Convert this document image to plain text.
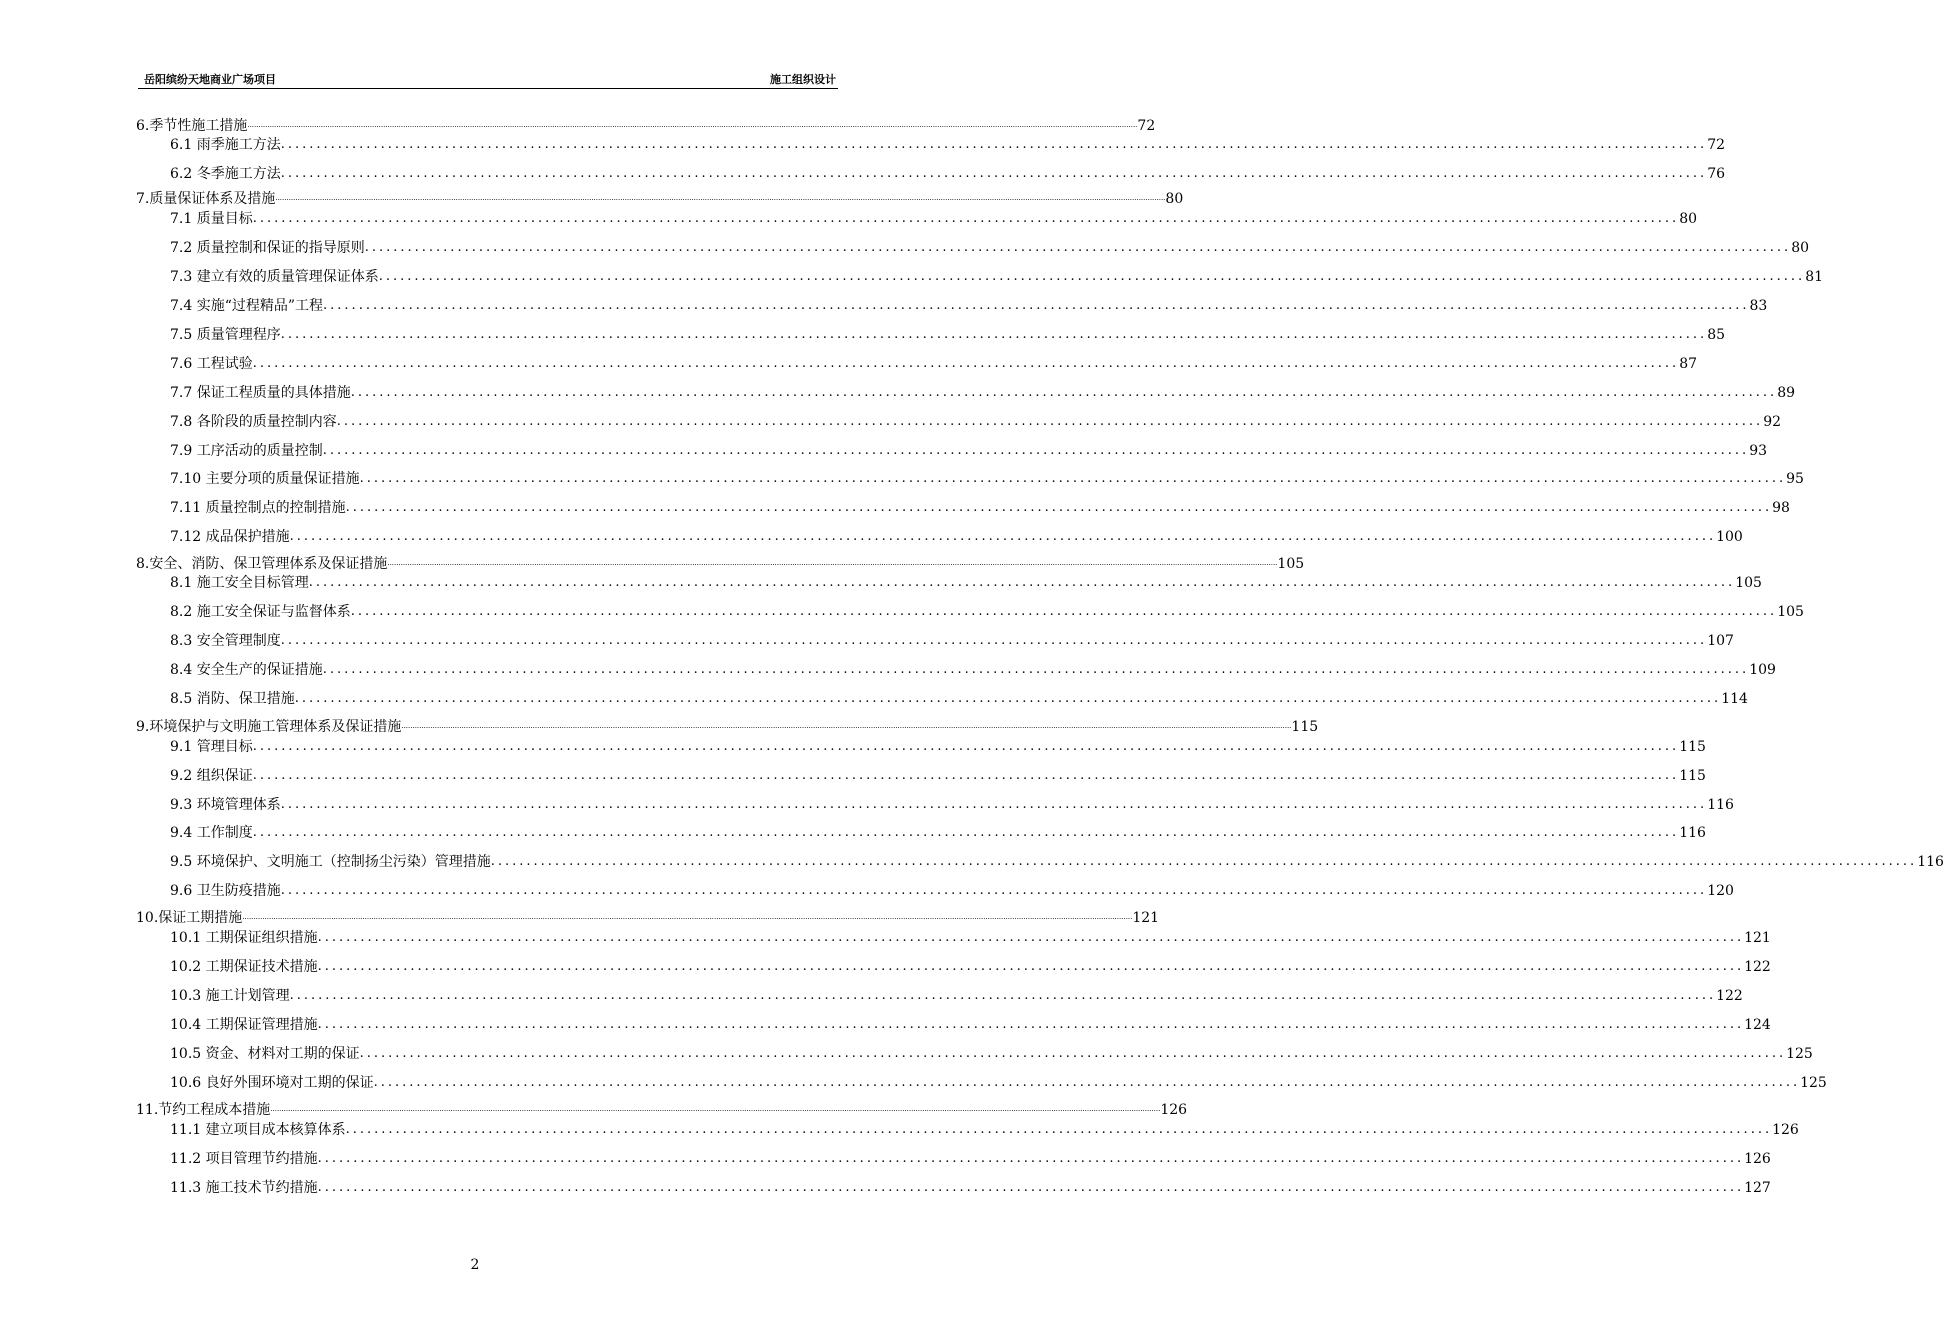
岳阳缤纷天地商业广场项目	施工组织设计
6.季节性施工措施 ................................................................................................................................................................................................................................................................................................................................................................................................................ 72
6.1 雨季施工方法 ........................................................................................................................................................................................................ 72
6.2 冬季施工方法 ........................................................................................................................................................................................................ 76
7.质量保证体系及措施 ................................................................................................................................................................................................................................................................................................................................................................................................................ 80
7.1 质量目标 ........................................................................................................................................................................................................ 80
7.2 质量控制和保证的指导原则 ........................................................................................................................................................................................................ 80
7.3 建立有效的质量管理保证体系 ........................................................................................................................................................................................................ 81
7.4 实施“过程精品”工程 ........................................................................................................................................................................................................ 83
7.5 质量管理程序 ........................................................................................................................................................................................................ 85
7.6 工程试验 ........................................................................................................................................................................................................ 87
7.7 保证工程质量的具体措施 ........................................................................................................................................................................................................ 89
7.8 各阶段的质量控制内容 ........................................................................................................................................................................................................ 92
7.9 工序活动的质量控制 ........................................................................................................................................................................................................ 93
7.10 主要分项的质量保证措施 ........................................................................................................................................................................................................ 95
7.11 质量控制点的控制措施 ........................................................................................................................................................................................................ 98
7.12 成品保护措施 ........................................................................................................................................................................................................ 100
8.安全、消防、保卫管理体系及保证措施 ................................................................................................................................................................................................................................................................................................................................................................................................................ 105
8.1 施工安全目标管理 ........................................................................................................................................................................................................ 105
8.2 施工安全保证与监督体系 ........................................................................................................................................................................................................ 105
8.3 安全管理制度 ........................................................................................................................................................................................................ 107
8.4 安全生产的保证措施 ........................................................................................................................................................................................................ 109
8.5 消防、保卫措施 ........................................................................................................................................................................................................ 114
9.环境保护与文明施工管理体系及保证措施 ................................................................................................................................................................................................................................................................................................................................................................................................................ 115
9.1 管理目标 ........................................................................................................................................................................................................ 115
9.2 组织保证 ........................................................................................................................................................................................................ 115
9.3 环境管理体系 ........................................................................................................................................................................................................ 116
9.4 工作制度 ........................................................................................................................................................................................................ 116
9.5 环境保护、文明施工（控制扬尘污染）管理措施 ........................................................................................................................................................................................................ 116
9.6 卫生防疫措施 ........................................................................................................................................................................................................ 120
10.保证工期措施 ................................................................................................................................................................................................................................................................................................................................................................................................................ 121
10.1 工期保证组织措施 ........................................................................................................................................................................................................ 121
10.2 工期保证技术措施 ........................................................................................................................................................................................................ 122
10.3 施工计划管理 ........................................................................................................................................................................................................ 122
10.4 工期保证管理措施 ........................................................................................................................................................................................................ 124
10.5 资金、材料对工期的保证 ........................................................................................................................................................................................................ 125
10.6 良好外围环境对工期的保证 ........................................................................................................................................................................................................ 125
11.节约工程成本措施 ................................................................................................................................................................................................................................................................................................................................................................................................................ 126
11.1 建立项目成本核算体系 ........................................................................................................................................................................................................ 126
11.2 项目管理节约措施 ........................................................................................................................................................................................................ 126
11.3 施工技术节约措施 ........................................................................................................................................................................................................ 127
2
